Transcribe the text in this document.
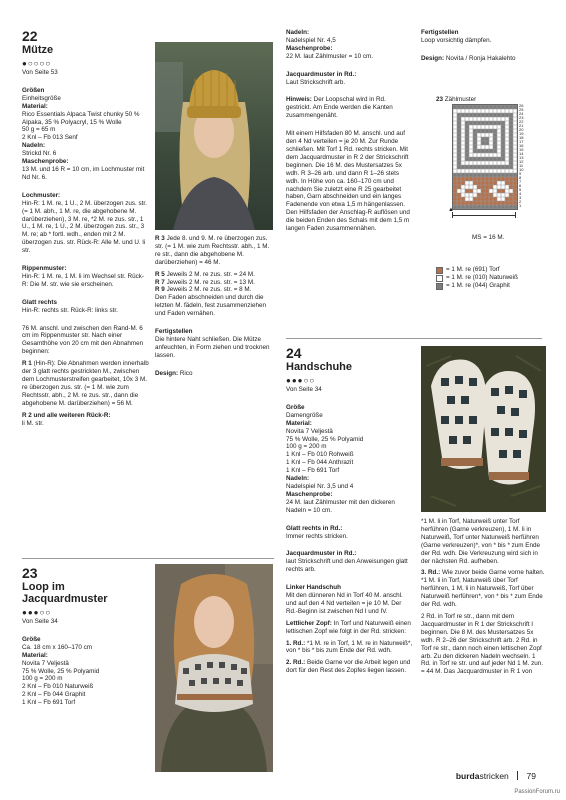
22
Mütze
●○○○○

Von Seite 53

Größen
Einheitsgröße
Material:
Rico Essentials Alpaca Twist chunky 50 % Alpaka, 35 % Polyacryl, 15 % Wolle
50 g = 65 m
2 Knl – Fb 013 Senf
Nadeln:
Strickd Nr. 6
Maschenprobe:

13 M. und 16 R = 10 cm, im Lochmuster mit Nd Nr. 6.

Lochmuster:

Hin-R: 1 M. re, 1 U., 2 M. überzogen zus. str. (= 1 M. abh., 1 M. re, die abgehobene M. darüberziehen), 3 M. re, *2 M. re zus. str., 1 U., 1 M. re, 1 U., 2 M. überzogen zus. str., 3 M. re; ab * fortl. wdh., enden mit 2 M. überzogen zus. str. Rück-R: Alle M. und U. li str.

Rippenmuster:

Hin-R: 1 M. re, 1 M. li im Wechsel str. Rück-R: Die M. str. wie sie erscheinen.

Glatt rechts

Hin-R: rechts str. Rück-R: links str.

76 M. anschl. und zwischen den Rand-M. 6 cm im Rippenmuster str. Nach einer Gesamthöhe von 20 cm mit den Abnahmen beginnen:

R 1 (Hin-R): Die Abnahmen werden innerhalb der 3 glatt rechts gestrickten M., zwischen dem Lochmusterstreifen gearbeitet, 10x 3 M. re überzogen zus. str. (= 1 M. wie zum Rechtsstr. abh., 2 M. re zus. str., dann die abgehobene M. darüberziehen) = 56 M.

R 2 und alle weiteren Rück-R:
li M. str.

R 3 Jede 8. und 9. M. re überzogen zus. str. (= 1 M. wie zum Rechtsstr. abh., 1 M. re str., dann die abgehobene M. darüberziehen) = 46 M.

R 5 Jeweils 2 M. re zus. str. = 24 M.
R 7 Jeweils 2 M. re zus. str. = 13 M.
R 9 Jeweils 2 M. re zus. str. = 8 M.

Den Faden abschneiden und durch die letzten M. fädeln, fest zusammenziehen und Faden vernähen.

Fertigstellen

Die hintere Naht schließen. Die Mütze anfeuchten, in Form ziehen und trocknen lassen.

Design: Rico

23
Loop im Jacquardmuster
●●●○○

Von Seite 34

Größe
Ca. 18 cm x 160–170 cm
Material:
Novita 7 Veljestä
75 % Wolle, 25 % Polyamid
100 g = 200 m
2 Knl – Fb 010 Naturweiß
2 Knl – Fb 044 Graphit
1 Knl – Fb 691 Torf
Nadeln:
Nadelspiel Nr. 4,5
Maschenprobe:

22 M. laut Zählmuster = 10 cm.

Jacquardmuster in Rd.:

Laut Strickschrift arb.

Hinweis: Der Loopschal wird in Rd. gestrickt. Am Ende werden die Kanten zusammengenäht.

Mit einem Hilfsfaden 80 M. anschl. und auf den 4 Nd verteilen = je 20 M. Zur Runde schließen. Mit Torf 1 Rd. rechts stricken. Mit dem Jacquardmuster in R 2 der Strickschrift beginnen. Die 16 M. des Mustersatzes 5x wdh. R 3–26 arb. und dann R 1–26 stets wdh. In Höhe von ca. 160–170 cm und nachdem Sie zuletzt eine R 25 gearbeitet haben, Garn abschneiden und ein langes Fadenende von etwa 1,5 m hängenlassen. Den Hilfsfaden der Anschlag-R auflösen und die beiden Enden des Schals mit dem 1,5 m langen Faden zusammennähen.

Fertigstellen

Loop vorsichtig dämpfen.

Design: Novita / Ronja Hakalehto

23 Zählmuster
26
25
24
23
22
21
20
19
18
17
16
15
14
13
12
11
10
9
8
7
6
5
4
3
2
1
▲
MS = 16 M.
= 1 M. re (691) Torf
= 1 M. re (010) Naturweiß
= 1 M. re (044) Graphit
24
Handschuhe
●●●○○

Von Seite 34

Größe
Damengröße
Material:
Novita 7 Veljestä
75 % Wolle, 25 % Polyamid
100 g = 200 m
1 Knl – Fb 010 Rohweiß
1 Knl – Fb 044 Anthrazit
1 Knl – Fb 691 Torf
Nadeln:
Nadelspiel Nr. 3,5 und 4
Maschenprobe:

24 M. laut Zählmuster mit den dickeren Nadeln = 10 cm.

Glatt rechts in Rd.:

Immer rechts stricken.

Jacquardmuster in Rd.:

laut Strickschrift und den Anweisungen glatt rechts arb.

Linker Handschuh

Mit den dünneren Nd in Torf 40 M. anschl. und auf den 4 Nd verteilen = je 10 M. Der Rd.-Beginn ist zwischen Nd I und IV.

Lettlicher Zopf: In Torf und Naturweiß einen lettischen Zopf wie folgt in der Rd. stricken:

1. Rd.: *1 M. re in Torf, 1 M. re in Naturweiß*, von * bis * bis zum Ende der Rd. wdh.

2. Rd.: Beide Garne vor die Arbeit legen und dort für den Rest des Zopfes liegen lassen.

*1 M. li in Torf, Naturweiß unter Torf herführen (Garne verkreuzen), 1 M. li in Naturweiß, Torf unter Naturweiß herführen (Garne verkreuzen)*, von * bis * zum Ende der Rd. wdh. Die Verkreuzung wird sich in der nächsten Rd. aufheben.

3. Rd.: Wie zuvor beide Garne vorne halten. *1 M. li in Torf, Naturweiß über Torf herführen, 1 M. li in Naturweiß, Torf über Naturweiß herführen*, von * bis * zum Ende der Rd. wdh.

2 Rd. in Torf re str., dann mit dem Jacquardmuster in R 1 der Strickschrift I beginnen. Die 8 M. des Mustersatzes 5x wdh. R 2–26 der Strickschrift arb. 2 Rd. in Torf re str., dann noch einen lettischen Zopf arb. Zu den dickeren Nadeln wechseln. 1 Rd. in Torf re str. und auf jeder Nd 1 M. zun. = 44 M. Das Jacquardmuster in R 1 von

burdastricken 79
PassionForum.ru
